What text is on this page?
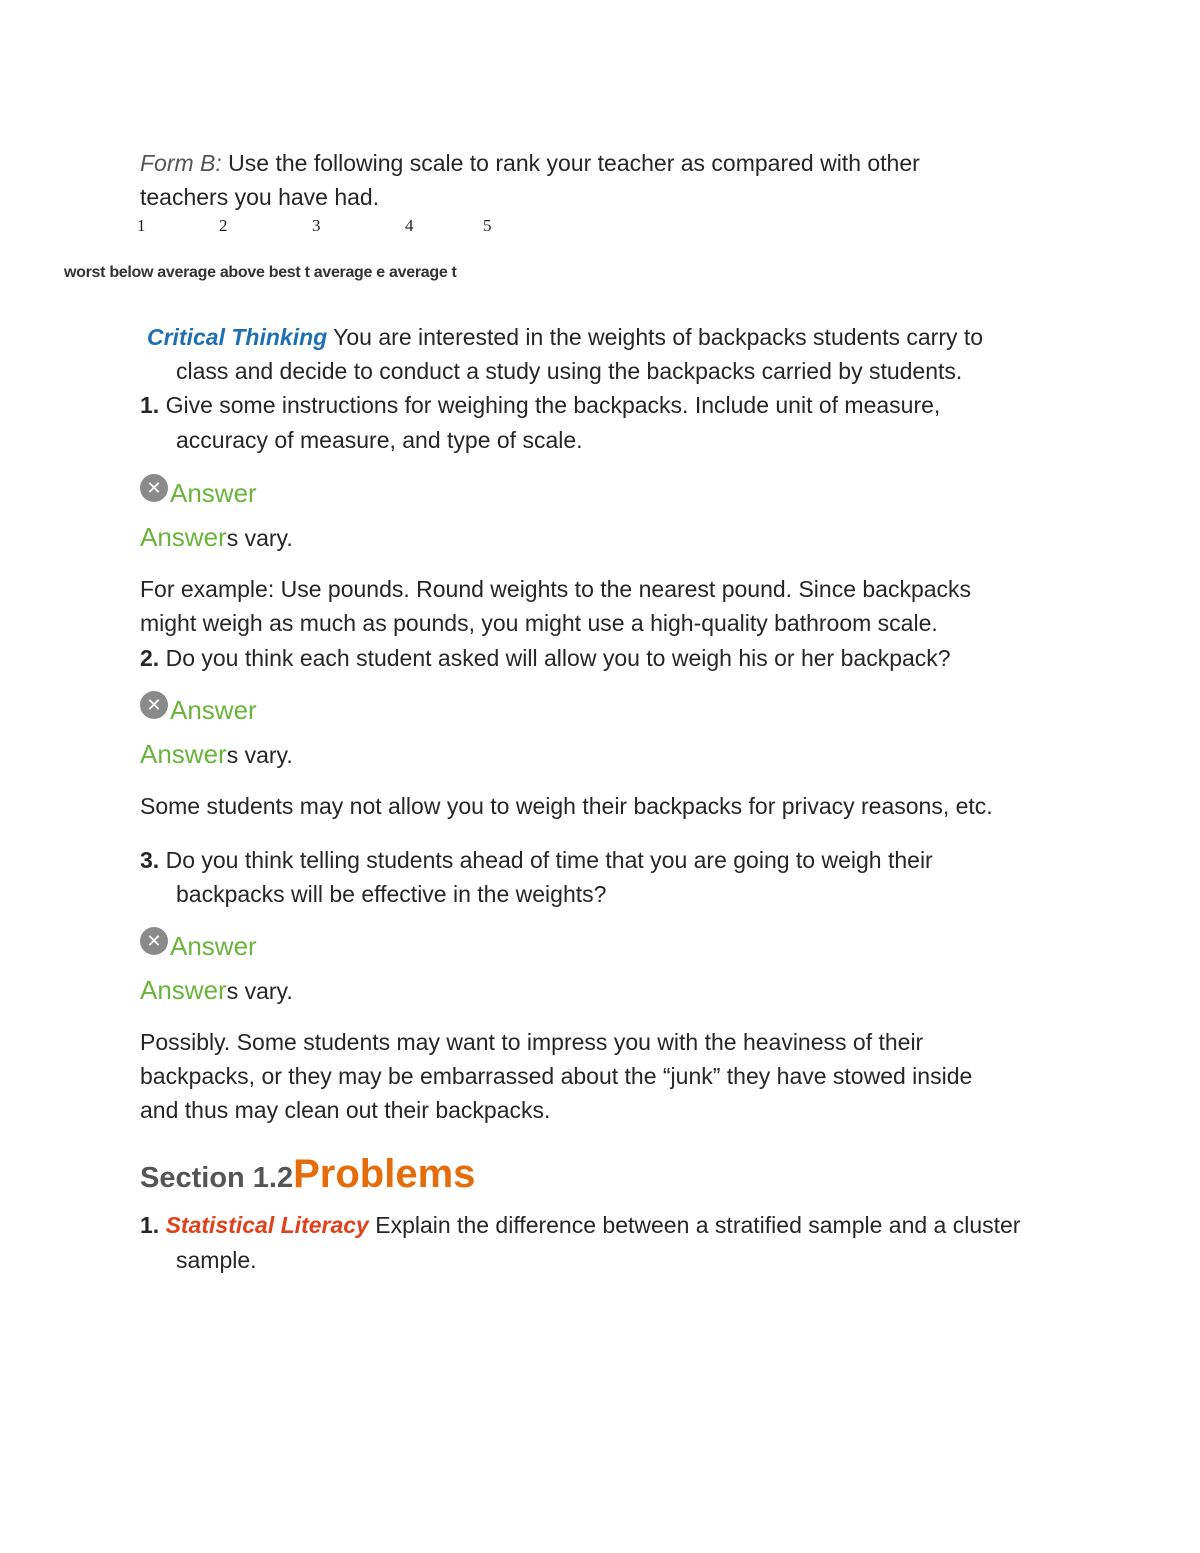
Form B: Use the following scale to rank your teacher as compared with other
teachers you have had.
1	2	3	4	5
worst below average above best t average e average t
Critical Thinking You are interested in the weights of backpacks students carry to
class and decide to conduct a study using the backpacks carried by students.
1. Give some instructions for weighing the backpacks. Include unit of measure,
accuracy of measure, and type of scale.
✕ Answer
Answers vary.
For example: Use pounds. Round weights to the nearest pound. Since backpacks
might weigh as much as pounds, you might use a high-quality bathroom scale.
2. Do you think each student asked will allow you to weigh his or her backpack?
✕ Answer
Answers vary.
Some students may not allow you to weigh their backpacks for privacy reasons, etc.
3. Do you think telling students ahead of time that you are going to weigh their
backpacks will be effective in the weights?
✕ Answer
Answers vary.
Possibly. Some students may want to impress you with the heaviness of their
backpacks, or they may be embarrassed about the “junk” they have stowed inside
and thus may clean out their backpacks.
Section 1.2Problems
1. Statistical Literacy Explain the difference between a stratified sample and a cluster
sample.
